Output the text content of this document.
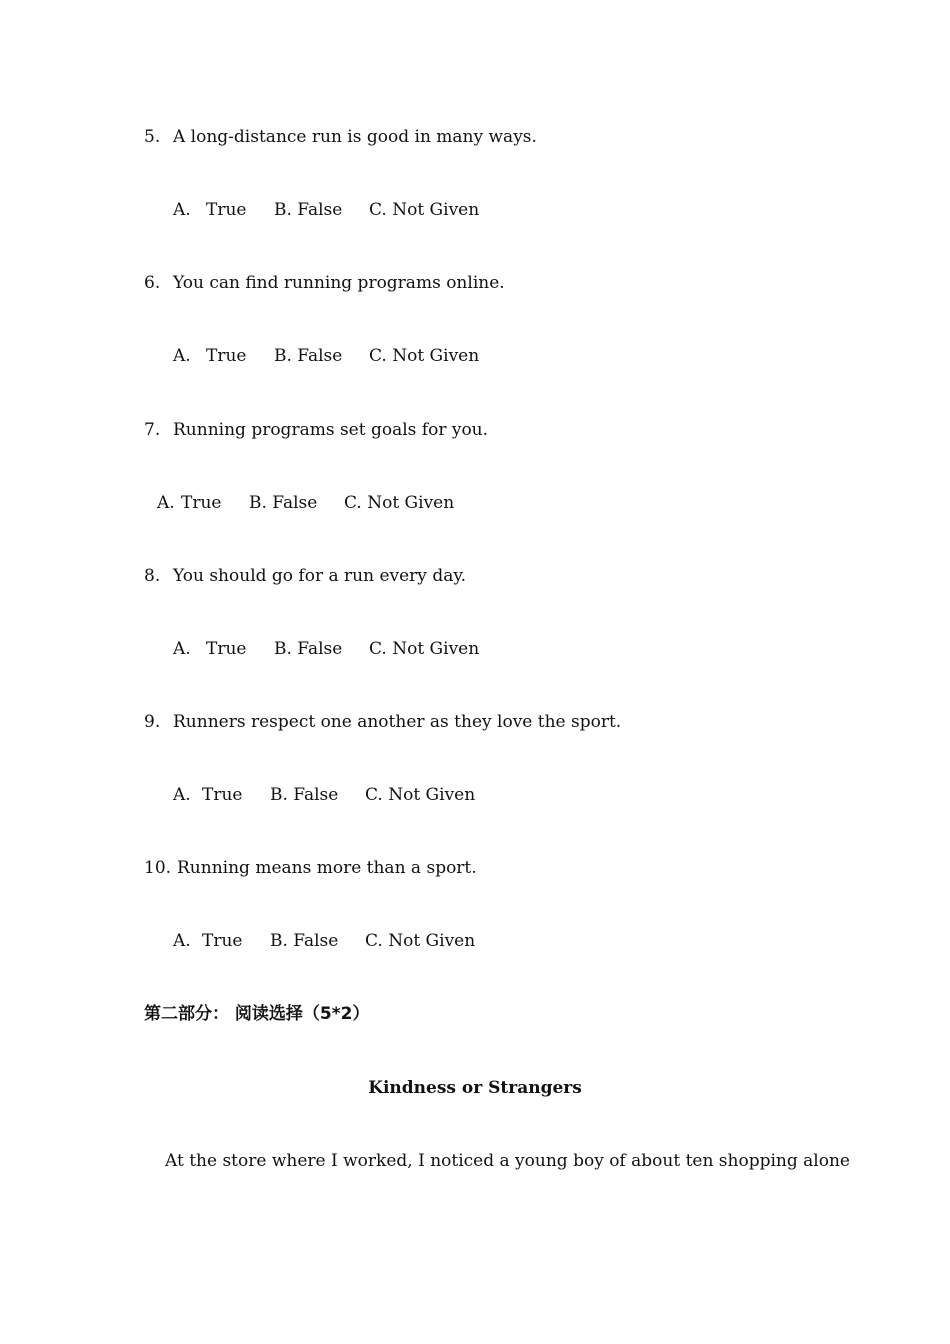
5. A long-distance run is good in many ways.
A. True B. False C. Not Given
6. You can find running programs online.
A. True B. False C. Not Given
7. Running programs set goals for you.
A. True B. False C. Not Given
8. You should go for a run every day.
A. True B. False C. Not Given
9. Runners respect one another as they love the sport.
A. True B. False C. Not Given
10. Running means more than a sport.
A. True B. False C. Not Given
第二部分： 阅读选择（5*2）
Kindness or Strangers
At the store where I worked, I noticed a young boy of about ten shopping alone
